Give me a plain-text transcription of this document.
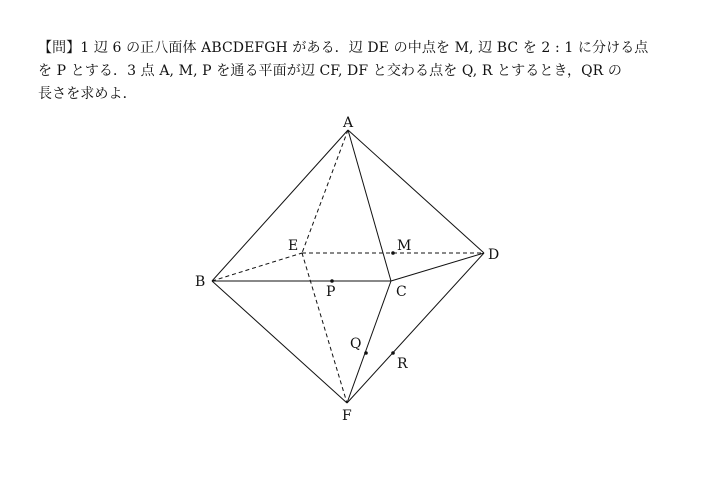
【問】1 辺 6 の正八面体 ABCDEFGH がある．辺 DE の中点を M, 辺 BC を 2 : 1 に分ける点
を P とする．3 点 A, M, P を通る平面が辺 CF, DF と交わる点を Q, R とするとき，QR の
長さを求めよ．
A
B
C
D
E
F
M
P
Q
R
